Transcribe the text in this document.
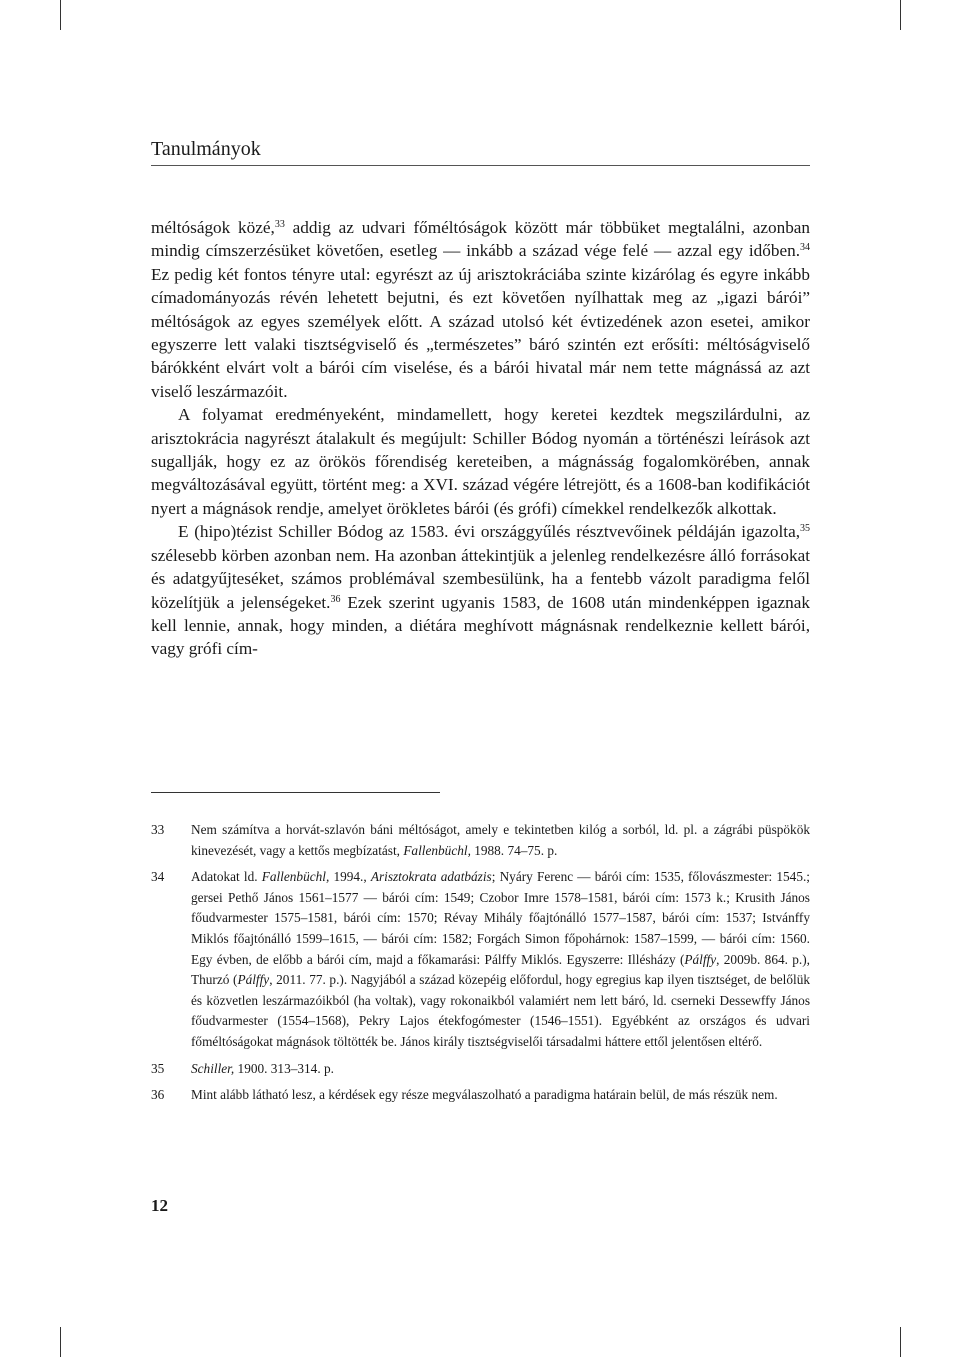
Tanulmányok

méltóságok közé,$^{33}$ addig az udvari főméltóságok között már többüket megtalálni, azonban mindig címszerzésüket követően, esetleg — inkább a század vége felé — azzal egy időben.$^{34}$ Ez pedig két fontos tényre utal: egyrészt az új arisztokráciába szinte kizárólag és egyre inkább címadományozás révén lehetett bejutni, és ezt követően nyílhattak meg az „igazi bárói” méltóságok az egyes személyek előtt. A század utolsó két évtizedének azon esetei, amikor egyszerre lett valaki tisztségviselő és „természetes” báró szintén ezt erősíti: méltóságviselő bárókként elvárt volt a bárói cím viselése, és a bárói hivatal már nem tette mágnássá az azt viselő leszármazóit.

A folyamat eredményeként, mindamellett, hogy keretei kezdtek megszilárdulni, az arisztokrácia nagyrészt átalakult és megújult: Schiller Bódog nyomán a történészi leírások azt sugallják, hogy ez az örökös főrendiség kereteiben, a mágnásság fogalomkörében, annak megváltozásával együtt, történt meg: a XVI. század végére létrejött, és a 1608-ban kodifikációt nyert a mágnások rendje, amelyet örökletes bárói (és grófi) címekkel rendelkezők alkottak.

E (hipo)tézist Schiller Bódog az 1583. évi országgyűlés résztvevőinek példáján igazolta,$^{35}$ szélesebb körben azonban nem. Ha azonban áttekintjük a jelenleg rendelkezésre álló forrásokat és adatgyűjteséket, számos problémával szembesülünk, ha a fentebb vázolt paradigma felől közelítjük a jelenségeket.$^{36}$ Ezek szerint ugyanis 1583, de 1608 után mindenképpen igaznak kell lennie, annak, hogy minden, a diétára meghívott mágnásnak rendelkeznie kellett bárói, vagy grófi cím-

33	Nem számítva a horvát-szlavón báni méltóságot, amely e tekintetben kilóg a sorból, ld. pl. a zágrábi püspökök kinevezését, vagy a kettős megbízatást, Fallenbüchl, 1988. 74–75. p.
34	Adatokat ld. Fallenbüchl, 1994., Arisztokrata adatbázis; Nyáry Ferenc — bárói cím: 1535, főlovászmester: 1545.; gersei Pethő János 1561–1577 — bárói cím: 1549; Czobor Imre 1578–1581, bárói cím: 1573 k.; Krusith János főudvarmester 1575–1581, bárói cím: 1570; Révay Mihály főajtónálló 1577–1587, bárói cím: 1537; Istvánffy Miklós főajtónálló 1599–1615, — bárói cím: 1582; Forgách Simon főpohárnok: 1587–1599, — bárói cím: 1560. Egy évben, de előbb a bárói cím, majd a főkamarási: Pálffy Miklós. Egyszerre: Illésházy (Pálffy, 2009b. 864. p.), Thurzó (Pálffy, 2011. 77. p.). Nagyjából a század közepéig előfordul, hogy egregius kap ilyen tisztséget, de belőlük és közvetlen leszármazóikból (ha voltak), vagy rokonaikból valamiért nem lett báró, ld. cserneki Dessewffy János főudvarmester (1554–1568), Pekry Lajos étekfogómester (1546–1551). Egyébként az országos és udvari főméltóságokat mágnások töltötték be. János király tisztségviselői társadalmi háttere ettől jelentősen eltérő.
35	Schiller, 1900. 313–314. p.
36	Mint alább látható lesz, a kérdések egy része megválaszolható a paradigma határain belül, de más részük nem.
12
